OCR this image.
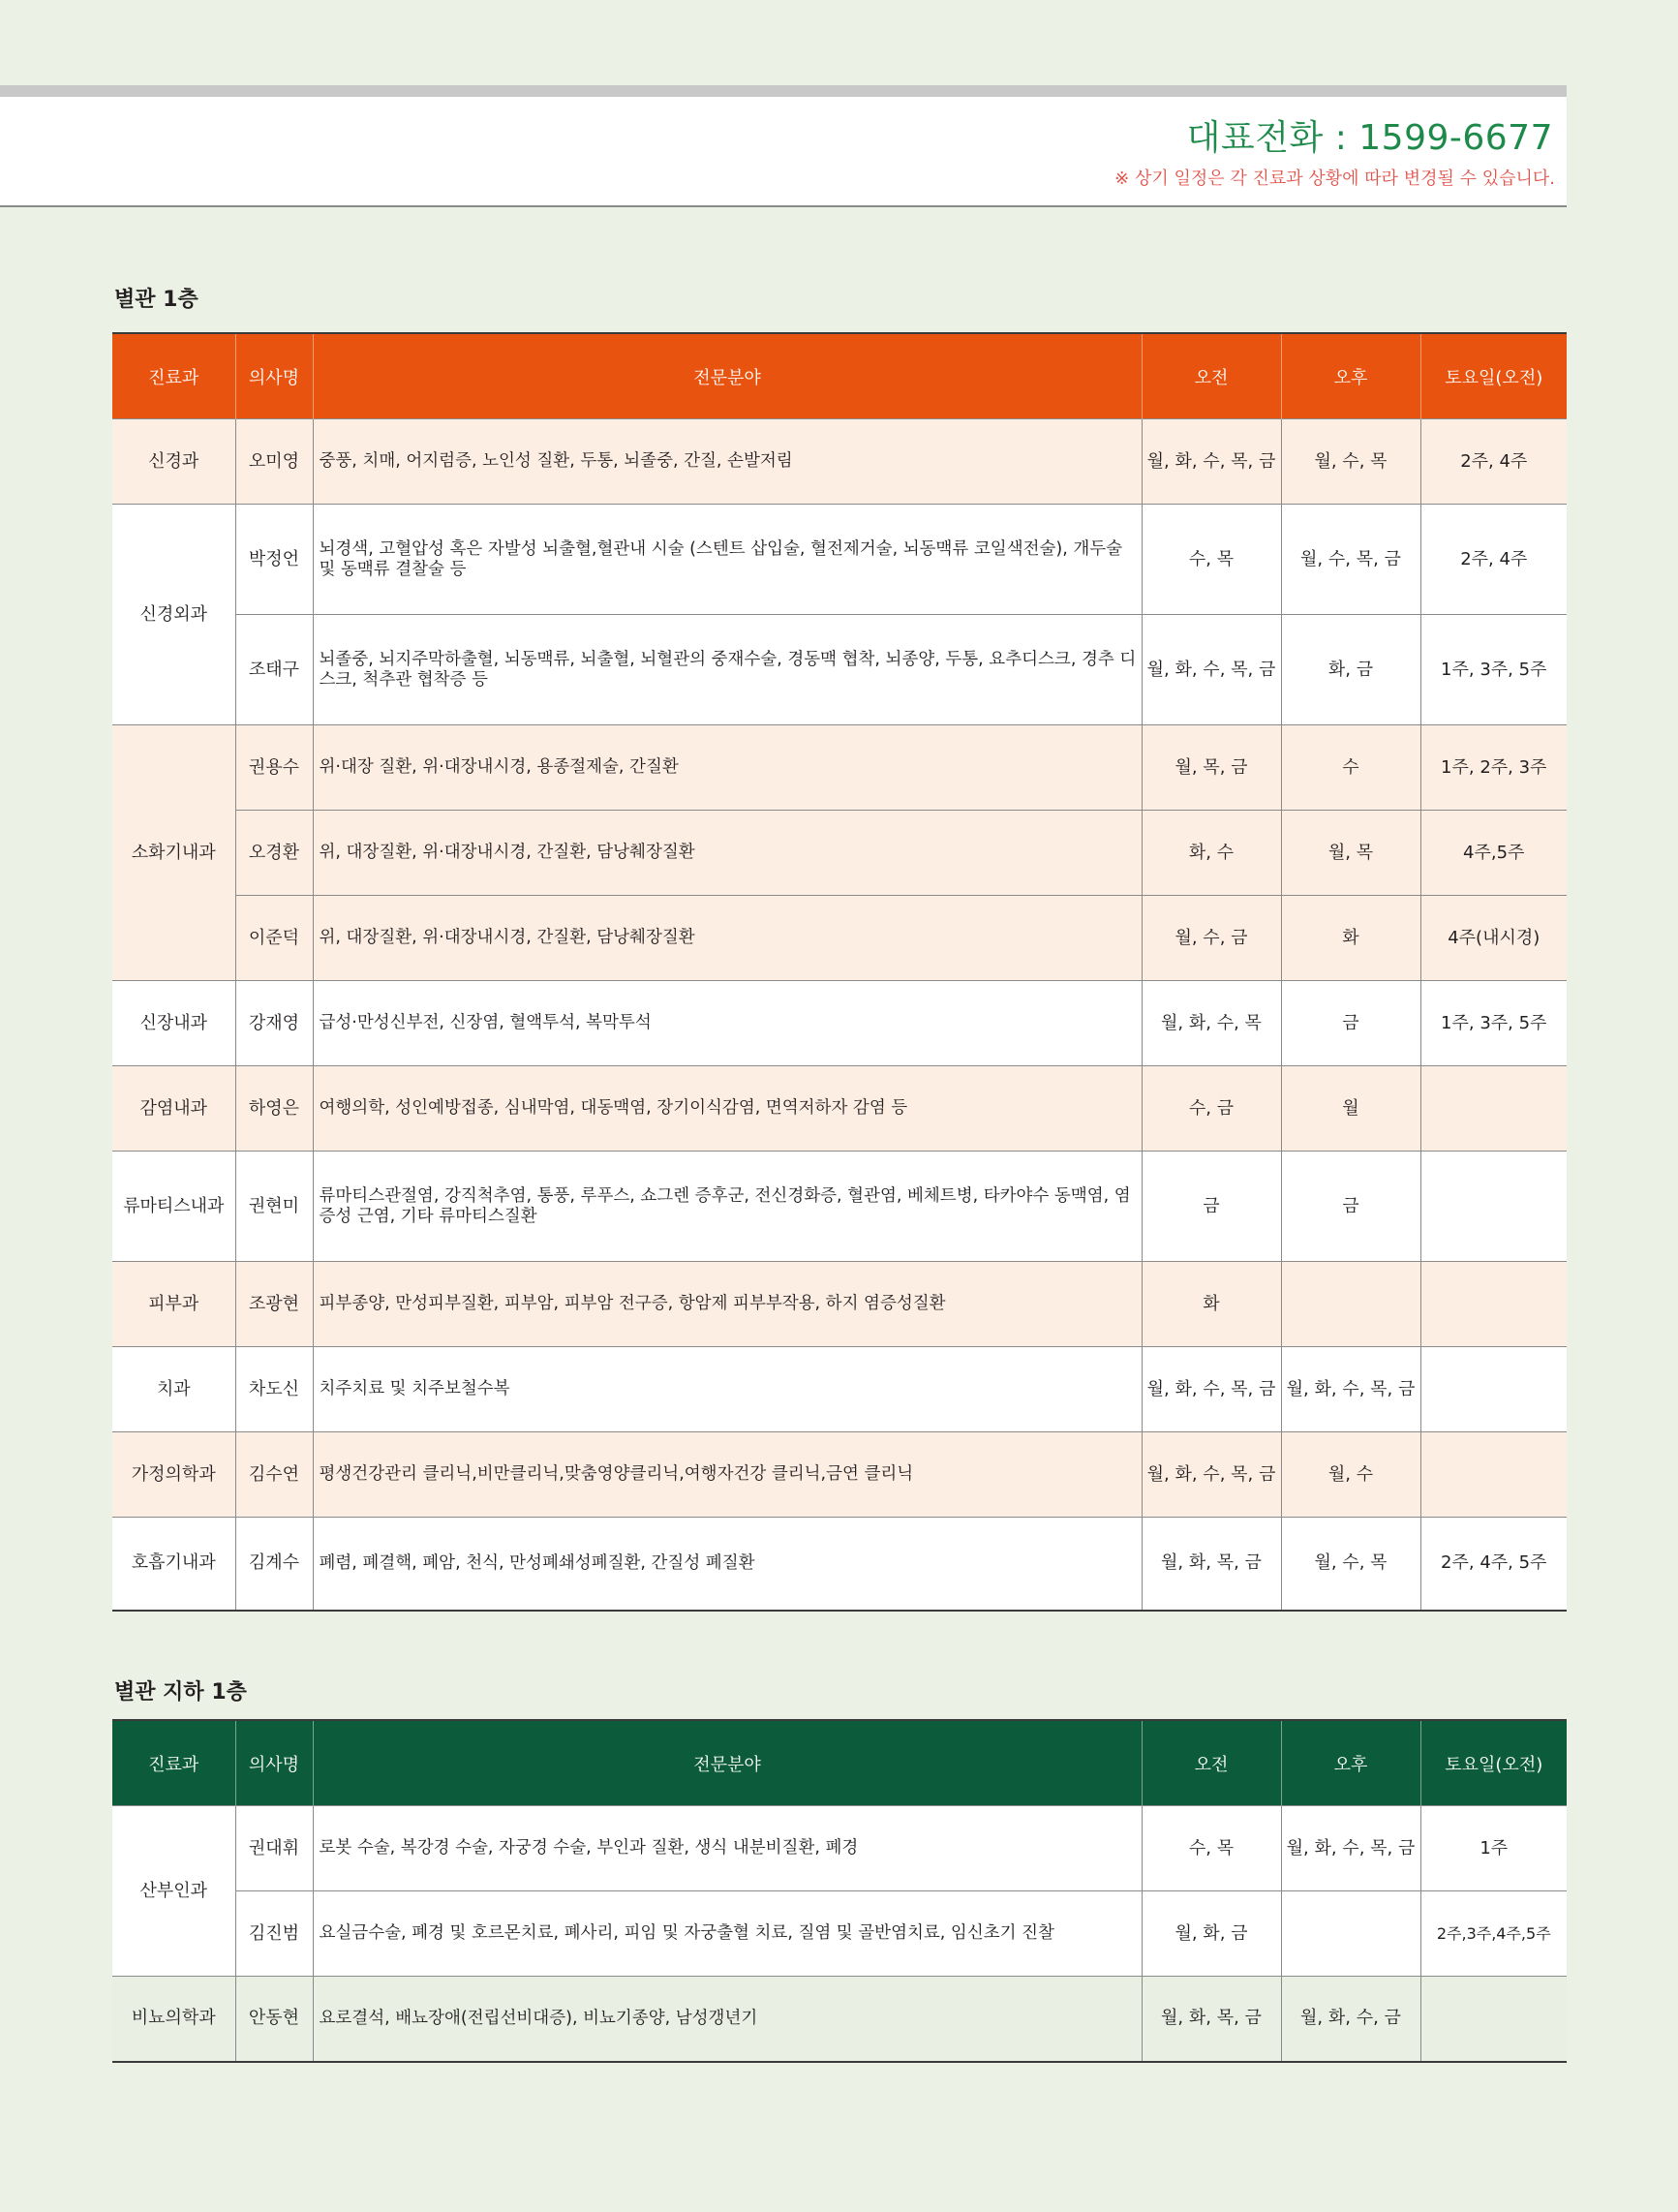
대표전화 : 1599-6677
※ 상기 일정은 각 진료과 상황에 따라 변경될 수 있습니다.
별관 1층
진료과	의사명	전문분야	오전	오후	토요일(오전)
신경과	오미영	중풍, 치매, 어지럼증, 노인성 질환, 두통, 뇌졸중, 간질, 손발저림	월, 화, 수, 목, 금	월, 수, 목	2주, 4주
신경외과	박정언	뇌경색, 고혈압성 혹은 자발성 뇌출혈,혈관내 시술 (스텐트 삽입술, 혈전제거술, 뇌동맥류 코일색전술), 개두술 및 동맥류 결찰술 등	수, 목	월, 수, 목, 금	2주, 4주
	조태구	뇌졸중, 뇌지주막하출혈, 뇌동맥류, 뇌출혈, 뇌혈관의 중재수술, 경동맥 협착, 뇌종양, 두통, 요추디스크, 경추 디스크, 척추관 협착증 등	월, 화, 수, 목, 금	화, 금	1주, 3주, 5주
소화기내과	권용수	위·대장 질환, 위·대장내시경, 용종절제술, 간질환	월, 목, 금	수	1주, 2주, 3주
	오경환	위, 대장질환, 위·대장내시경, 간질환, 담낭췌장질환	화, 수	월, 목	4주,5주
	이준덕	위, 대장질환, 위·대장내시경, 간질환, 담낭췌장질환	월, 수, 금	화	4주(내시경)
신장내과	강재영	급성·만성신부전, 신장염, 혈액투석, 복막투석	월, 화, 수, 목	금	1주, 3주, 5주
감염내과	하영은	여행의학, 성인예방접종, 심내막염, 대동맥염, 장기이식감염, 면역저하자 감염 등	수, 금	월	
류마티스내과	권현미	류마티스관절염, 강직척추염, 통풍, 루푸스, 쇼그렌 증후군, 전신경화증, 혈관염, 베체트병, 타카야수 동맥염, 염증성 근염, 기타 류마티스질환	금	금	
피부과	조광현	피부종양, 만성피부질환, 피부암, 피부암 전구증, 항암제 피부부작용, 하지 염증성질환	화		
치과	차도신	치주치료 및 치주보철수복	월, 화, 수, 목, 금	월, 화, 수, 목, 금	
가정의학과	김수연	평생건강관리 클리닉,비만클리닉,맞춤영양클리닉,여행자건강 클리닉,금연 클리닉	월, 화, 수, 목, 금	월, 수	
호흡기내과	김계수	폐렴, 폐결핵, 폐암, 천식, 만성폐쇄성폐질환, 간질성 폐질환	월, 화, 목, 금	월, 수, 목	2주, 4주, 5주
별관 지하 1층
진료과	의사명	전문분야	오전	오후	토요일(오전)
산부인과	권대휘	로봇 수술, 복강경 수술, 자궁경 수술, 부인과 질환, 생식 내분비질환, 폐경	수, 목	월, 화, 수, 목, 금	1주
	김진범	요실금수술, 폐경 및 호르몬치료, 폐사리, 피임 및 자궁출혈 치료, 질염 및 골반염치료, 임신초기 진찰	월, 화, 금		2주,3주,4주,5주
비뇨의학과	안동현	요로결석, 배뇨장애(전립선비대증), 비뇨기종양, 남성갱년기	월, 화, 목, 금	월, 화, 수, 금	
